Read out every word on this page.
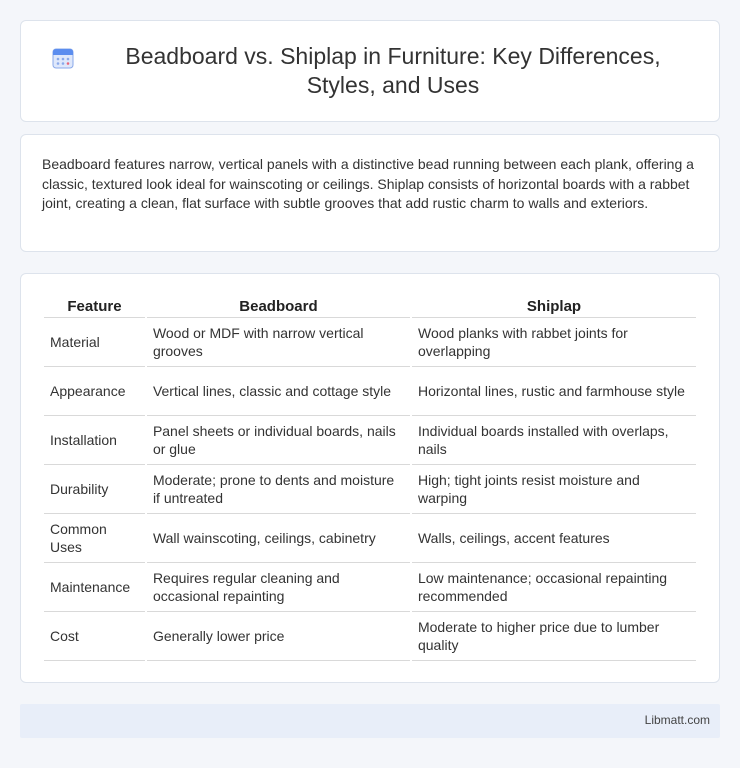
Beadboard vs. Shiplap in Furniture: Key Differences, Styles, and Uses

Beadboard features narrow, vertical panels with a distinctive bead running between each plank, offering a classic, textured look ideal for wainscoting or ceilings. Shiplap consists of horizontal boards with a rabbet joint, creating a clean, flat surface with subtle grooves that add rustic charm to walls and exteriors.

Feature	Beadboard	Shiplap
Material	Wood or MDF with narrow vertical grooves	Wood planks with rabbet joints for overlapping
Appearance	Vertical lines, classic and cottage style	Horizontal lines, rustic and farmhouse style
Installation	Panel sheets or individual boards, nails or glue	Individual boards installed with overlaps, nails
Durability	Moderate; prone to dents and moisture if untreated	High; tight joints resist moisture and warping
Common Uses	Wall wainscoting, ceilings, cabinetry	Walls, ceilings, accent features
Maintenance	Requires regular cleaning and occasional repainting	Low maintenance; occasional repainting recommended
Cost	Generally lower price	Moderate to higher price due to lumber quality
Libmatt.com
